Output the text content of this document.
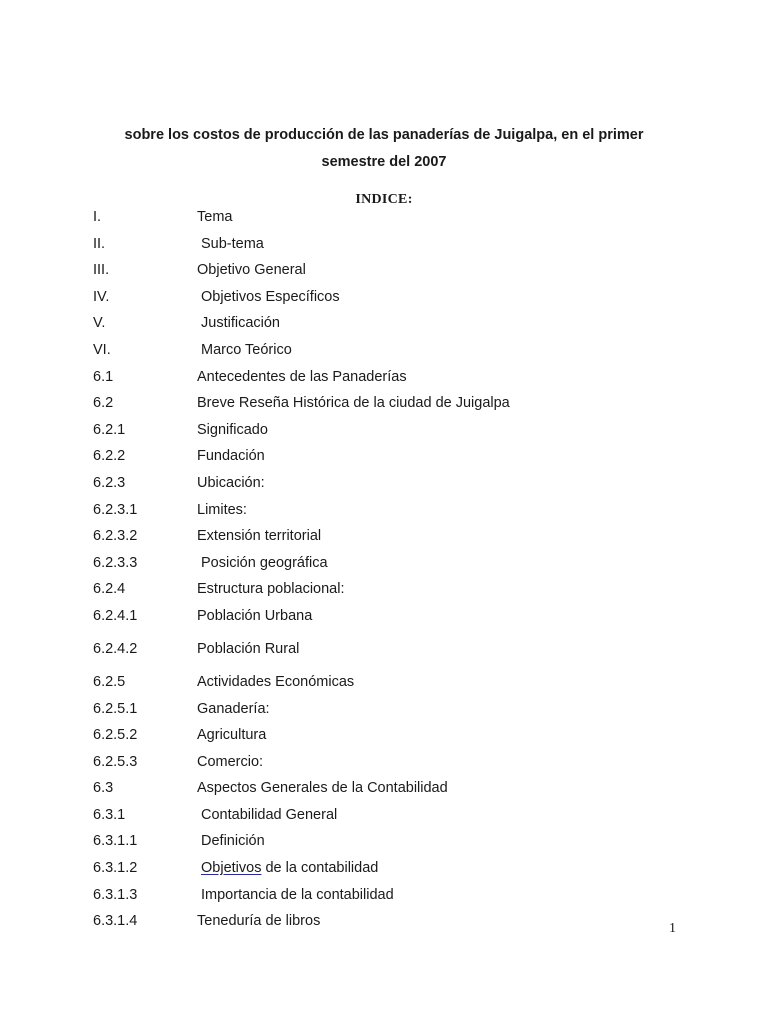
sobre los costos de producción de las panaderías de Juigalpa, en el primer
semestre del 2007
INDICE:
I.	Tema
II.	Sub-tema
III.	Objetivo General
IV.	Objetivos Específicos
V.	Justificación
VI.	Marco Teórico
6.1	Antecedentes de las Panaderías
6.2	Breve Reseña Histórica de la ciudad de Juigalpa
6.2.1	Significado
6.2.2	Fundación
6.2.3	Ubicación:
6.2.3.1	Limites:
6.2.3.2	Extensión territorial
6.2.3.3	Posición geográfica
6.2.4	Estructura poblacional:
6.2.4.1	Población Urbana
6.2.4.2	Población Rural
6.2.5	Actividades Económicas
6.2.5.1	Ganadería:
6.2.5.2	Agricultura
6.2.5.3	Comercio:
6.3	Aspectos Generales de la Contabilidad
6.3.1	Contabilidad General
6.3.1.1	Definición
6.3.1.2	Objetivos de la contabilidad
6.3.1.3	Importancia de la contabilidad
6.3.1.4	Teneduría de libros	1
